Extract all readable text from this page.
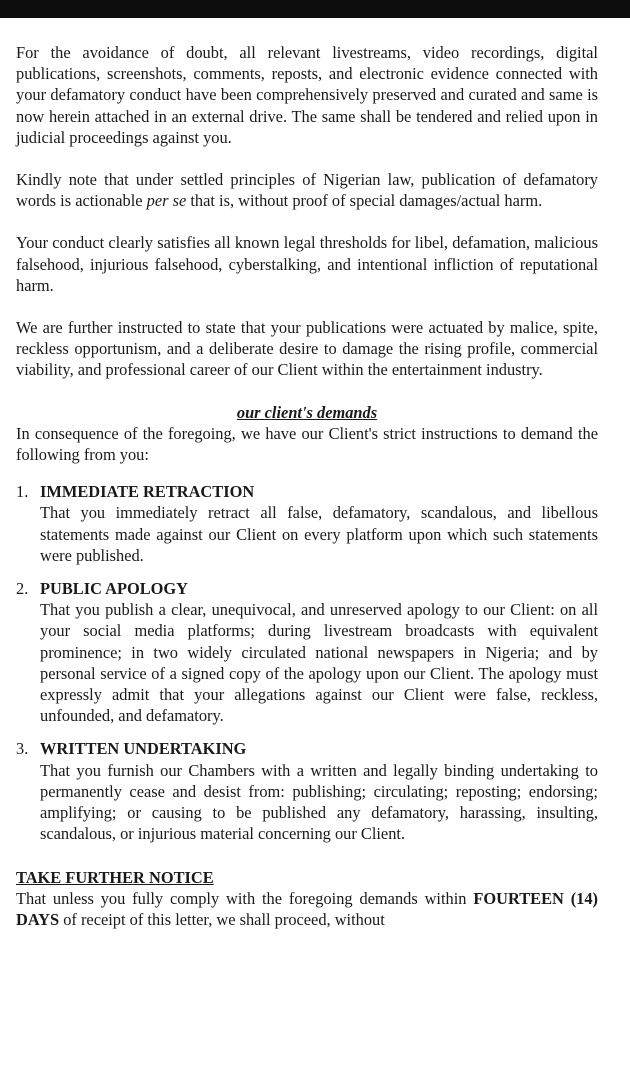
For the avoidance of doubt, all relevant livestreams, video recordings, digital publications, screenshots, comments, reposts, and electronic evidence connected with your defamatory conduct have been comprehensively preserved and curated and same is now herein attached in an external drive. The same shall be tendered and relied upon in judicial proceedings against you.

Kindly note that under settled principles of Nigerian law, publication of defamatory words is actionable per se that is, without proof of special damages/actual harm.

Your conduct clearly satisfies all known legal thresholds for libel, defamation, malicious falsehood, injurious falsehood, cyberstalking, and intentional infliction of reputational harm.

We are further instructed to state that your publications were actuated by malice, spite, reckless opportunism, and a deliberate desire to damage the rising profile, commercial viability, and professional career of our Client within the entertainment industry.

our client's demands

In consequence of the foregoing, we have our Client's strict instructions to demand the following from you:

1. IMMEDIATE RETRACTION

That you immediately retract all false, defamatory, scandalous, and libellous statements made against our Client on every platform upon which such statements were published.

2. PUBLIC APOLOGY

That you publish a clear, unequivocal, and unreserved apology to our Client: on all your social media platforms; during livestream broadcasts with equivalent prominence; in two widely circulated national newspapers in Nigeria; and by personal service of a signed copy of the apology upon our Client. The apology must expressly admit that your allegations against our Client were false, reckless, unfounded, and defamatory.

3. WRITTEN UNDERTAKING

That you furnish our Chambers with a written and legally binding undertaking to permanently cease and desist from: publishing; circulating; reposting; endorsing; amplifying; or causing to be published any defamatory, harassing, insulting, scandalous, or injurious material concerning our Client.

TAKE FURTHER NOTICE

That unless you fully comply with the foregoing demands within FOURTEEN (14) DAYS of receipt of this letter, we shall proceed, without
